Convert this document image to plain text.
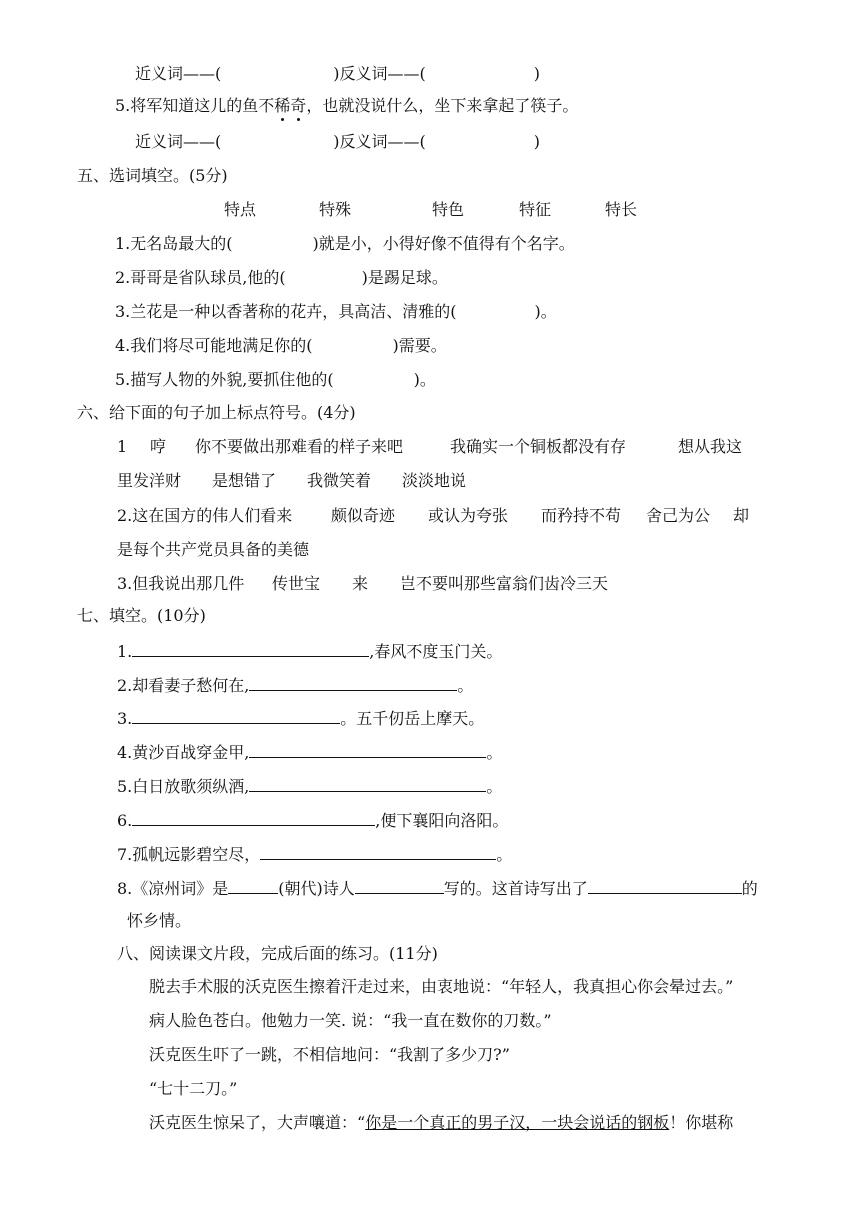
近义词——(	)反义词——(	)
5.将军知道这儿的鱼不稀奇，也就没说什么，坐下来拿起了筷子。
近义词——(	)反义词——(	)
五、选词填空。(5分)
特点	特殊	特色	特征	特长
1.无名岛最大的(	)就是小，小得好像不值得有个名字。
2.哥哥是省队球员,他的(	)是踢足球。
3.兰花是一种以香著称的花卉，具高洁、清雅的(	)。
4.我们将尽可能地满足你的(	)需要。
5.描写人物的外貌,要抓住他的(	)。
六、给下面的句子加上标点符号。(4分)
1 哼 你不要做出那难看的样子来吧	我确实一个铜板都没有存	想从我这
里发洋财 是想错了 我微笑着 淡淡地说
2.这在国方的伟人们看来 颇似奇迹 或认为夸张 而矜持不苟 舍己为公 却
是每个共产党员具备的美德
3.但我说出那几件 传世宝 来 岂不要叫那些富翁们齿冷三天
七、填空。(10分)
1.	,春风不度玉门关。
2.却看妻子愁何在,	。
3.	。五千仞岳上摩天。
4.黄沙百战穿金甲,	。
5.白日放歌须纵酒,	。
6.	,便下襄阳向洛阳。
7.孤帆远影碧空尽，	。
8.《凉州词》是	(朝代)诗人	写的。这首诗写出了	的
怀乡情。
八、阅读课文片段，完成后面的练习。(11分)
脱去手术服的沃克医生擦着汗走过来，由衷地说：“年轻人，我真担心你会晕过去。”
病人脸色苍白。他勉力一笑. 说：“我一直在数你的刀数。”
沃克医生吓了一跳，不相信地问：“我割了多少刀?”
“七十二刀。”
沃克医生惊呆了，大声嚷道：“你是一个真正的男子汉，一块会说话的钢板！你堪称
